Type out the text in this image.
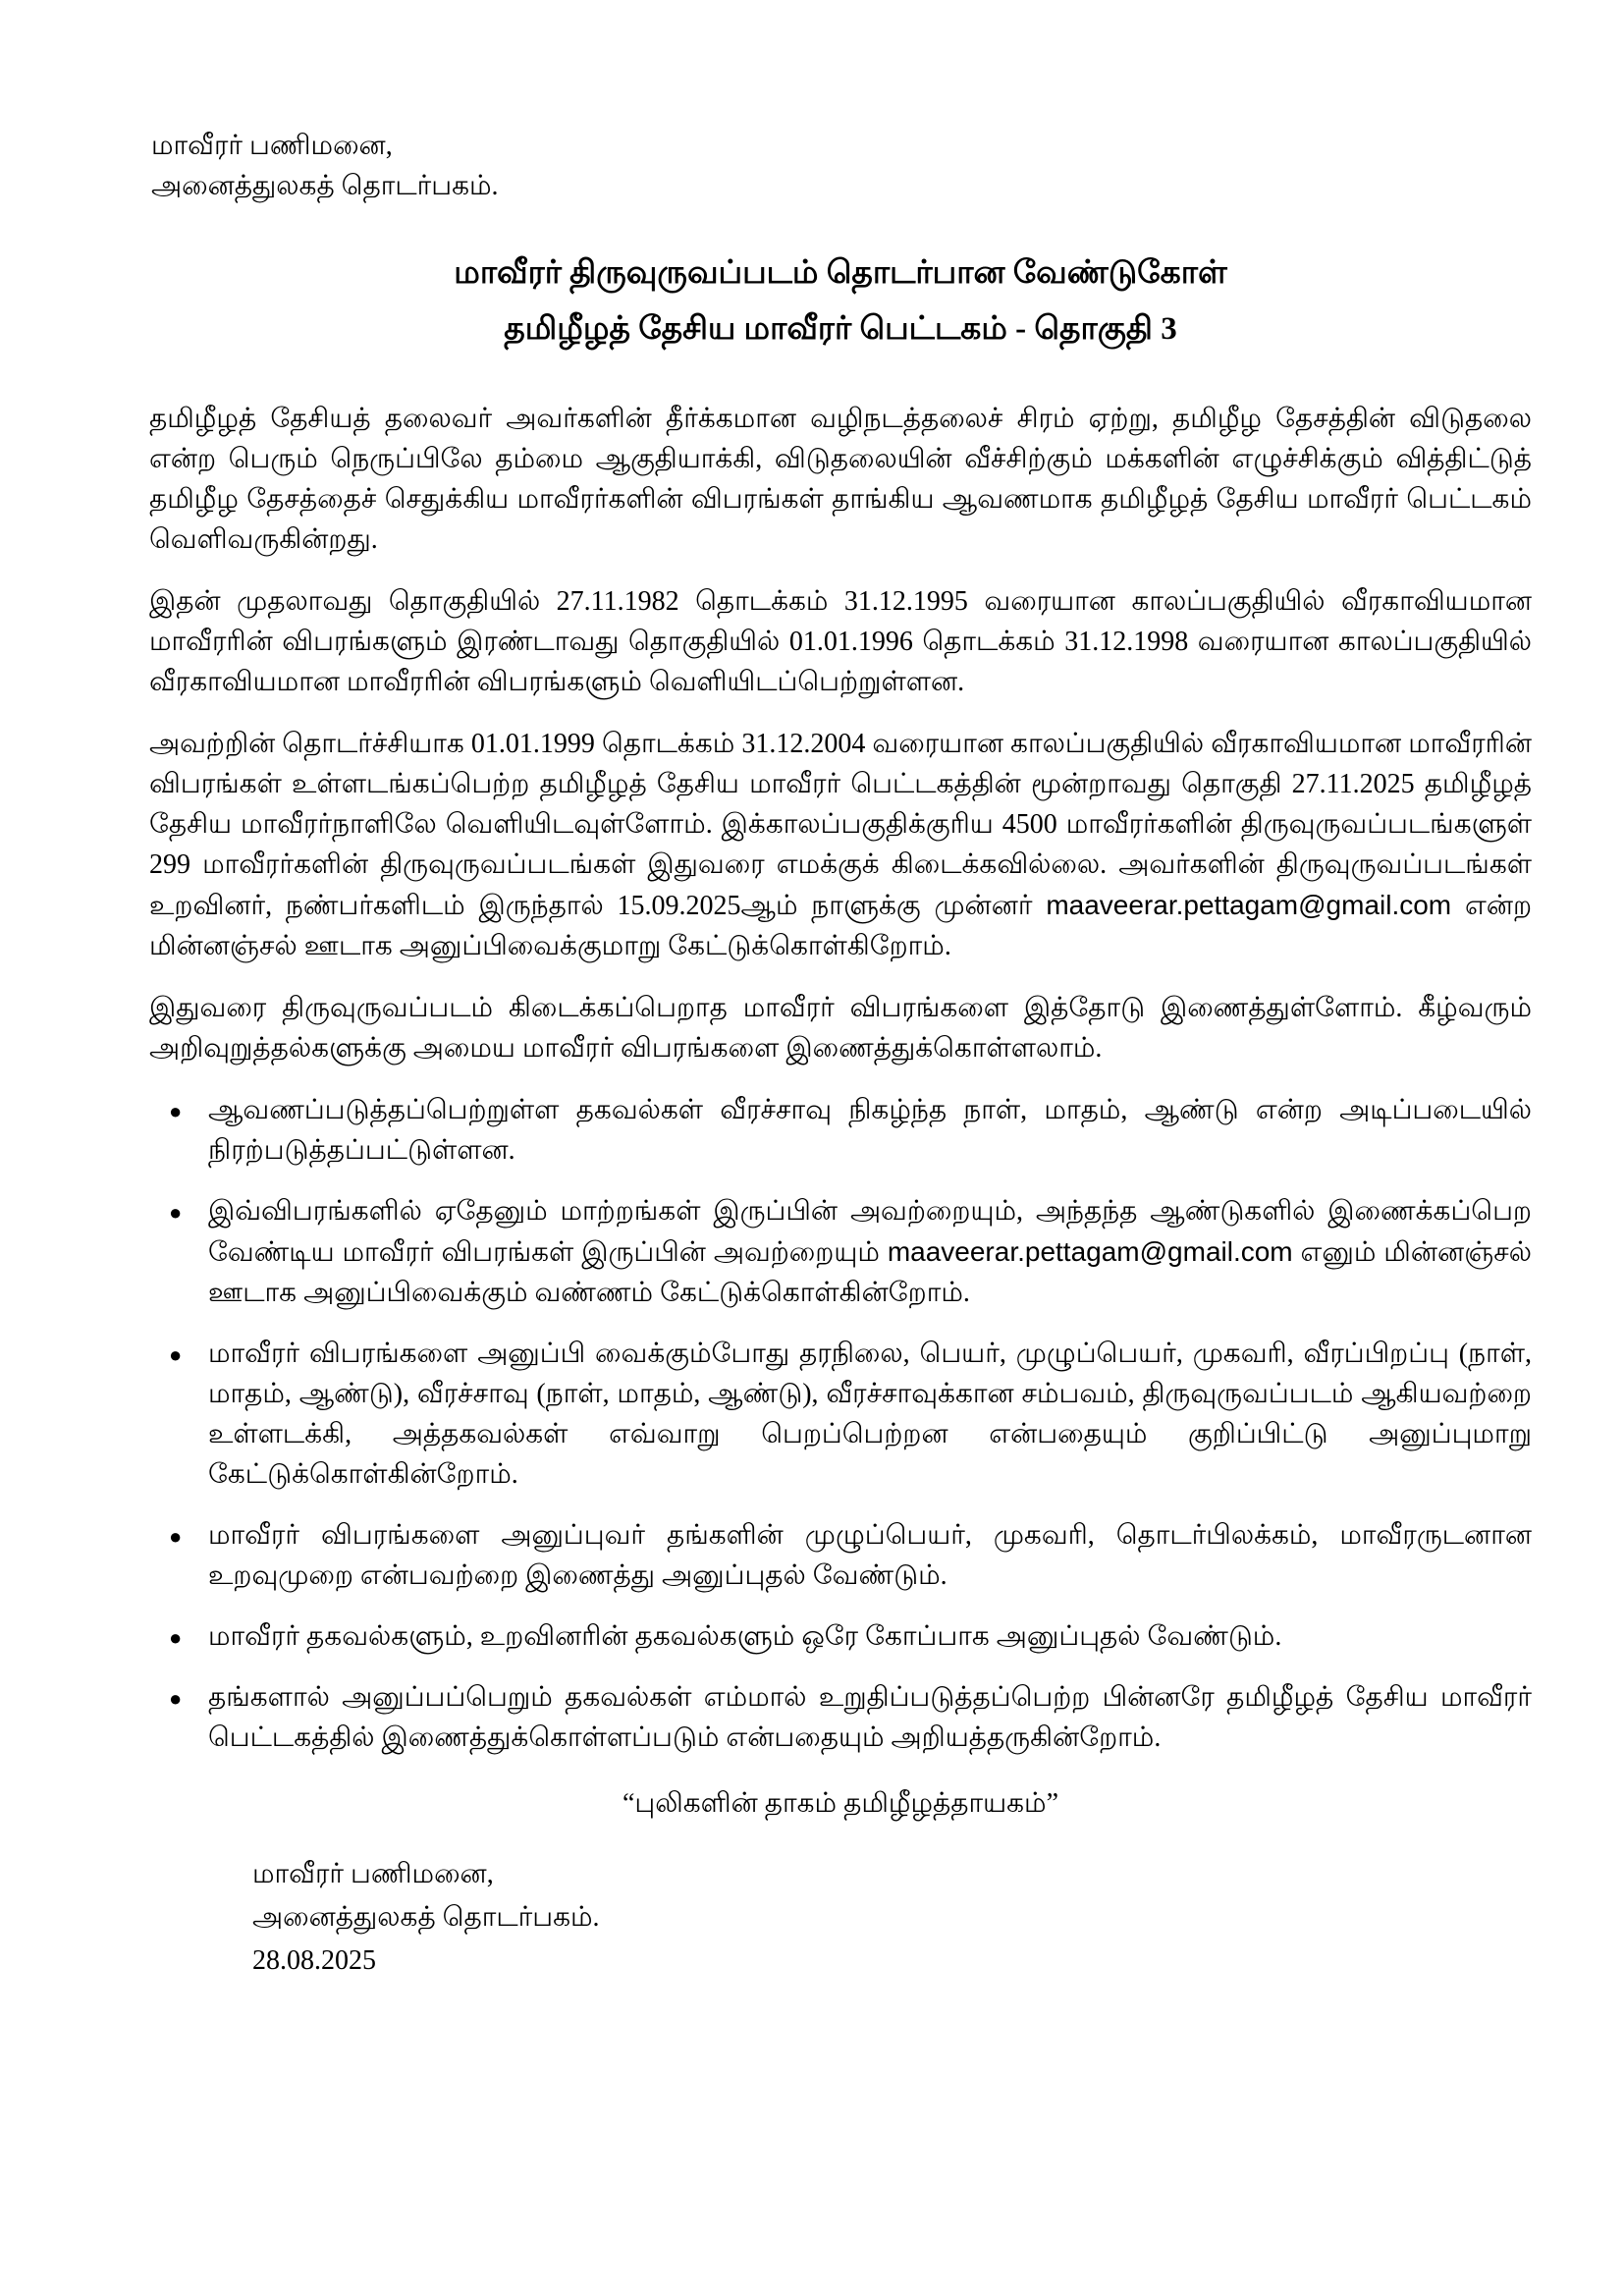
மாவீரர் பணிமனை,
அனைத்துலகத் தொடர்பகம்.
மாவீரர் திருவுருவப்படம் தொடர்பான வேண்டுகோள்
தமிழீழத் தேசிய மாவீரர் பெட்டகம் - தொகுதி 3

தமிழீழத் தேசியத் தலைவர் அவர்களின் தீர்க்கமான வழிநடத்தலைச் சிரம் ஏற்று, தமிழீழ தேசத்தின் விடுதலை என்ற பெரும் நெருப்பிலே தம்மை ஆகுதியாக்கி, விடுதலையின் வீச்சிற்கும் மக்களின் எழுச்சிக்கும் வித்திட்டுத் தமிழீழ தேசத்தைச் செதுக்கிய மாவீரர்களின் விபரங்கள் தாங்கிய ஆவணமாக தமிழீழத் தேசிய மாவீரர் பெட்டகம் வெளிவருகின்றது.

இதன் முதலாவது தொகுதியில் 27.11.1982 தொடக்கம் 31.12.1995 வரையான காலப்பகுதியில் வீரகாவியமான மாவீரரின் விபரங்களும் இரண்டாவது தொகுதியில் 01.01.1996 தொடக்கம் 31.12.1998 வரையான காலப்பகுதியில் வீரகாவியமான மாவீரரின் விபரங்களும் வெளியிடப்பெற்றுள்ளன.

அவற்றின் தொடர்ச்சியாக 01.01.1999 தொடக்கம் 31.12.2004 வரையான காலப்பகுதியில் வீரகாவியமான மாவீரரின் விபரங்கள் உள்ளடங்கப்பெற்ற தமிழீழத் தேசிய மாவீரர் பெட்டகத்தின் மூன்றாவது தொகுதி 27.11.2025 தமிழீழத் தேசிய மாவீரர்நாளிலே வெளியிடவுள்ளோம். இக்காலப்பகுதிக்குரிய 4500 மாவீரர்களின் திருவுருவப்படங்களுள் 299 மாவீரர்களின் திருவுருவப்படங்கள் இதுவரை எமக்குக் கிடைக்கவில்லை. அவர்களின் திருவுருவப்படங்கள் உறவினர், நண்பர்களிடம் இருந்தால் 15.09.2025ஆம் நாளுக்கு முன்னர் maaveerar.pettagam@gmail.com என்ற மின்னஞ்சல் ஊடாக அனுப்பிவைக்குமாறு கேட்டுக்கொள்கிறோம்.

இதுவரை திருவுருவப்படம் கிடைக்கப்பெறாத மாவீரர் விபரங்களை இத்தோடு இணைத்துள்ளோம். கீழ்வரும் அறிவுறுத்தல்களுக்கு அமைய மாவீரர் விபரங்களை இணைத்துக்கொள்ளலாம்.

● ஆவணப்படுத்தப்பெற்றுள்ள தகவல்கள் வீரச்சாவு நிகழ்ந்த நாள், மாதம், ஆண்டு என்ற அடிப்படையில் நிரற்படுத்தப்பட்டுள்ளன.
● இவ்விபரங்களில் ஏதேனும் மாற்றங்கள் இருப்பின் அவற்றையும், அந்தந்த ஆண்டுகளில் இணைக்கப்பெற வேண்டிய மாவீரர் விபரங்கள் இருப்பின் அவற்றையும் maaveerar.pettagam@gmail.com எனும் மின்னஞ்சல் ஊடாக அனுப்பிவைக்கும் வண்ணம் கேட்டுக்கொள்கின்றோம்.
● மாவீரர் விபரங்களை அனுப்பி வைக்கும்போது தரநிலை, பெயர், முழுப்பெயர், முகவரி, வீரப்பிறப்பு (நாள், மாதம், ஆண்டு), வீரச்சாவு (நாள், மாதம், ஆண்டு), வீரச்சாவுக்கான சம்பவம், திருவுருவப்படம் ஆகியவற்றை உள்ளடக்கி, அத்தகவல்கள் எவ்வாறு பெறப்பெற்றன என்பதையும் குறிப்பிட்டு அனுப்புமாறு கேட்டுக்கொள்கின்றோம்.
● மாவீரர் விபரங்களை அனுப்புவர் தங்களின் முழுப்பெயர், முகவரி, தொடர்பிலக்கம், மாவீரருடனான உறவுமுறை என்பவற்றை இணைத்து அனுப்புதல் வேண்டும்.
● மாவீரர் தகவல்களும், உறவினரின் தகவல்களும் ஒரே கோப்பாக அனுப்புதல் வேண்டும்.
● தங்களால் அனுப்பப்பெறும் தகவல்கள் எம்மால் உறுதிப்படுத்தப்பெற்ற பின்னரே தமிழீழத் தேசிய மாவீரர் பெட்டகத்தில் இணைத்துக்கொள்ளப்படும் என்பதையும் அறியத்தருகின்றோம்.
“புலிகளின் தாகம் தமிழீழத்தாயகம்”
மாவீரர் பணிமனை,
அனைத்துலகத் தொடர்பகம்.
28.08.2025
